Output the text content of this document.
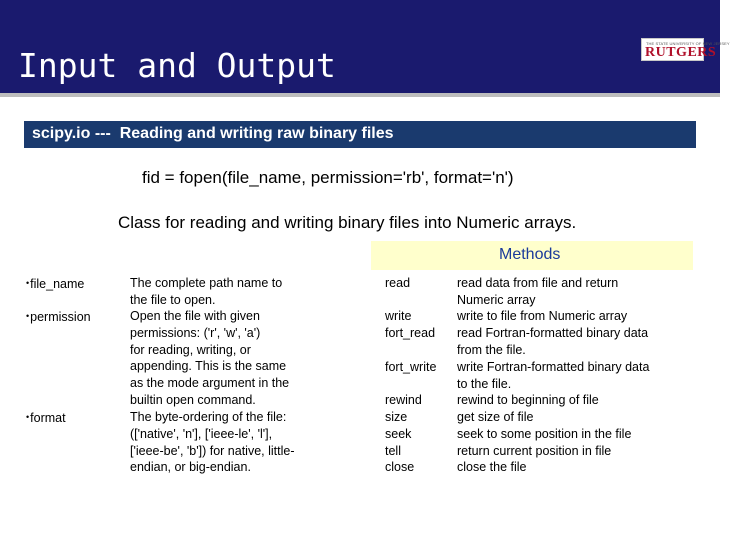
Input and Output
THE STATE UNIVERSITY OF NEW JERSEY
RUTGERS
scipy.io ---  Reading and writing raw binary files
fid = fopen(file_name, permission='rb', format='n')
Class for reading and writing binary files into Numeric arrays.
Methods
•file_name
•permission
•format
The complete path name to
the file to open.
Open the file with given
permissions: ('r', 'w', 'a')
for reading, writing, or
appending. This is the same
as the mode argument in the
builtin open command.
The byte-ordering of the file:
(['native', 'n'], ['ieee-le', 'l'],
['ieee-be', 'b']) for native, little-
endian, or big-endian.
read
write
fort_read
fort_write
rewind
size
seek
tell
close
read data from file and return
Numeric array
write to file from Numeric array
read Fortran-formatted binary data
from the file.
write Fortran-formatted binary data
to the file.
rewind to beginning of file
get size of file
seek to some position in the file
return current position in file
close the file
